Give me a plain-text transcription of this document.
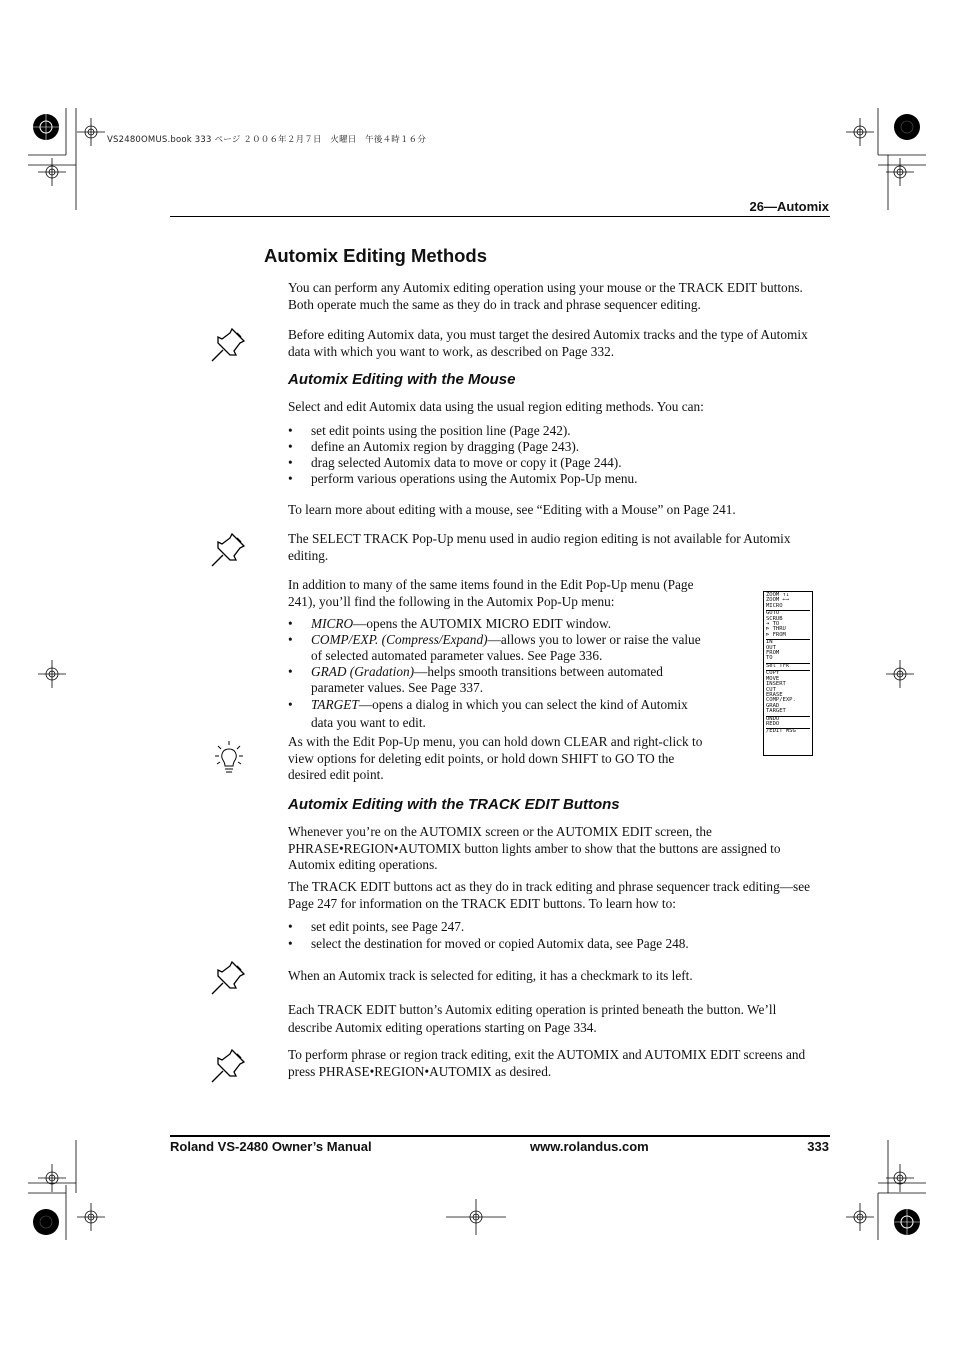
VS2480OMUS.book 333 ページ ２００６年２月７日　火曜日　午後４時１６分
26—Automix
Automix Editing Methods
You can perform any Automix editing operation using your mouse or the TRACK EDIT buttons. Both operate much the same as they do in track and phrase sequencer editing.
Before editing Automix data, you must target the desired Automix tracks and the type of Automix data with which you want to work, as described on Page 332.
Automix Editing with the Mouse
Select and edit Automix data using the usual region editing methods. You can:
• set edit points using the position line (Page 242).
• define an Automix region by dragging (Page 243).
• drag selected Automix data to move or copy it (Page 244).
• perform various operations using the Automix Pop-Up menu.
To learn more about editing with a mouse, see “Editing with a Mouse” on Page 241.
The SELECT TRACK Pop-Up menu used in audio region editing is not available for Automix editing.
In addition to many of the same items found in the Edit Pop-Up menu (Page 241), you’ll find the following in the Automix Pop-Up menu:
• MICRO—opens the AUTOMIX MICRO EDIT window.
• COMP/EXP. (Compress/Expand)—allows you to lower or raise the value of selected automated parameter values. See Page 336.
• GRAD (Gradation)—helps smooth transitions between automated parameter values. See Page 337.
• TARGET—opens a dialog in which you can select the kind of Automix data you want to edit.
As with the Edit Pop-Up menu, you can hold down CLEAR and right-click to view options for deleting edit points, or hold down SHIFT to GO TO the desired edit point.
ZOOM ↑↓
ZOOM ←→
MICRO
GOTO
SCRUB
⇥ TO
⊳ THRU
⊳ FROM
IN
OUT
FROM
TO
Sel Trk
COPY
MOVE
INSERT
CUT
ERASE
COMP/EXP.
GRAD
TARGET
UNDO
REDO
/EDIT MSG
Automix Editing with the TRACK EDIT Buttons
Whenever you’re on the AUTOMIX screen or the AUTOMIX EDIT screen, the PHRASE•REGION•AUTOMIX button lights amber to show that the buttons are assigned to Automix editing operations.
The TRACK EDIT buttons act as they do in track editing and phrase sequencer track editing—see Page 247 for information on the TRACK EDIT buttons. To learn how to:
• set edit points, see Page 247.
• select the destination for moved or copied Automix data, see Page 248.
When an Automix track is selected for editing, it has a checkmark to its left.
Each TRACK EDIT button’s Automix editing operation is printed beneath the button. We’ll describe Automix editing operations starting on Page 334.
To perform phrase or region track editing, exit the AUTOMIX and AUTOMIX EDIT screens and press PHRASE•REGION•AUTOMIX as desired.
Roland VS-2480 Owner’s Manual	www.rolandus.com	333
